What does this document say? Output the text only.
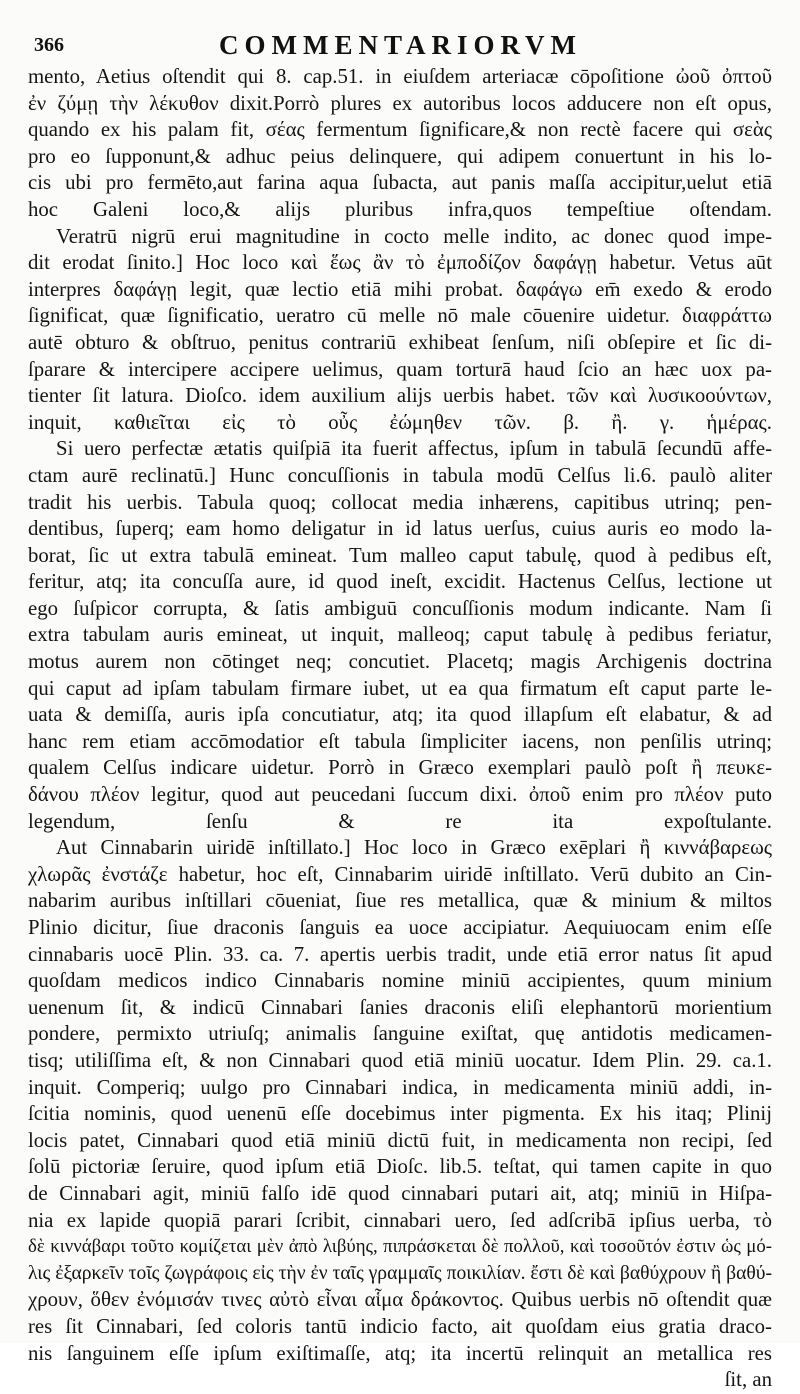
366	COMMENTARIORVM
mento, Aetius oſtendit qui 8. cap.51. in eiuſdem arteriacæ cōpoſitione ὠοῦ ὀπτοῦ
ἐν ζύμῃ τὴν λέκυθον dixit.Porrò plures ex autoribus locos adducere non eſt opus,
quando ex his palam fit, σέας fermentum ſignificare,& non rectè facere qui σεὰς
pro eo ſupponunt,& adhuc peius delinquere, qui adipem conuertunt in his lo-
cis ubi pro fermēto,aut farina aqua ſubacta, aut panis maſſa accipitur,uelut etiā
hoc Galeni loco,& alijs pluribus infra,quos tempeſtiue oſtendam.
Veratrū nigrū erui magnitudine in cocto melle indito, ac donec quod impe-
dit erodat ſinito.] Hoc loco καὶ ἕως ἂν τὸ ἐμποδίζον δαφάγῃ habetur. Vetus aūt
interpres δαφάγῃ legit, quæ lectio etiā mihi probat. δαφάγω em̄ exedo & erodo
ſignificat, quæ ſignificatio, ueratro cū melle nō male cōuenire uidetur. διαφράττω
autē obturo & obſtruo, penitus contrariū exhibeat ſenſum, niſi obſepire et ſic di-
ſparare & intercipere accipere uelimus, quam torturā haud ſcio an hæc uox pa-
tienter ſit latura. Dioſco. idem auxilium alijs uerbis habet. τῶν καὶ λυσικοούντων,
inquit, καθιεῖται εἰς τὸ οὖς ἐώμηθεν τῶν. β. ἢ. γ. ἡμέρας.
Si uero perfectæ ætatis quiſpiā ita fuerit affectus, ipſum in tabulā ſecundū affe-
ctam aurē reclinatū.] Hunc concuſſionis in tabula modū Celſus li.6. paulò aliter
tradit his uerbis. Tabula quoq; collocat media inhærens, capitibus utrinq; pen-
dentibus, ſuperq; eam homo deligatur in id latus uerſus, cuius auris eo modo la-
borat, ſic ut extra tabulā emineat. Tum malleo caput tabulę, quod à pedibus eſt,
feritur, atq; ita concuſſa aure, id quod ineſt, excidit. Hactenus Celſus, lectione ut
ego ſuſpicor corrupta, & ſatis ambiguū concuſſionis modum indicante. Nam ſi
extra tabulam auris emineat, ut inquit, malleoq; caput tabulę à pedibus feriatur,
motus aurem non cōtinget neq; concutiet. Placetq; magis Archigenis doctrina
qui caput ad ipſam tabulam firmare iubet, ut ea qua firmatum eſt caput parte le-
uata & demiſſa, auris ipſa concutiatur, atq; ita quod illapſum eſt elabatur, & ad
hanc rem etiam accōmodatior eſt tabula ſimpliciter iacens, non penſilis utrinq;
qualem Celſus indicare uidetur. Porrò in Græco exemplari paulò poſt ἢ πευκε-
δάνου πλέον legitur, quod aut peucedani ſuccum dixi. ὀποῦ enim pro πλέον puto
legendum, ſenſu & re ita expoſtulante.
Aut Cinnabarin uiridē inſtillato.] Hoc loco in Græco exēplari ἢ κιννάβαρεως
χλωρᾶς ἐνστάζε habetur, hoc eſt, Cinnabarim uiridē inſtillato. Verū dubito an Cin-
nabarim auribus inſtillari cōueniat, ſiue res metallica, quæ & minium & miltos
Plinio dicitur, ſiue draconis ſanguis ea uoce accipiatur. Aequiuocam enim eſſe
cinnabaris uocē Plin. 33. ca. 7. apertis uerbis tradit, unde etiā error natus ſit apud
quoſdam medicos indico Cinnabaris nomine miniū accipientes, quum minium
uenenum ſit, & indicū Cinnabari ſanies draconis eliſi elephantorū morientium
pondere, permixto utriuſq; animalis ſanguine exiſtat, quę antidotis medicamen-
tisq; utiliſſima eſt, & non Cinnabari quod etiā miniū uocatur. Idem Plin. 29. ca.1.
inquit. Comperiq; uulgo pro Cinnabari indica, in medicamenta miniū addi, in-
ſcitia nominis, quod uenenū eſſe docebimus inter pigmenta. Ex his itaq; Plinij
locis patet, Cinnabari quod etiā miniū dictū fuit, in medicamenta non recipi, ſed
ſolū pictoriæ ſeruire, quod ipſum etiā Dioſc. lib.5. teſtat, qui tamen capite in quo
de Cinnabari agit, miniū falſo idē quod cinnabari putari ait, atq; miniū in Hiſpa-
nia ex lapide quopiā parari ſcribit, cinnabari uero, ſed adſcribā ipſius uerba, τὸ
δὲ κιννάβαρι τοῦτο κομίζεται μὲν ἀπὸ λιβύης, πιπράσκεται δὲ πολλοῦ, καὶ τοσοῦτόν ἐστιν ὡς μό-
λις ἐξαρκεῖν τοῖς ζωγράφοις εἰς τὴν ἐν ταῖς γραμμαῖς ποικιλίαν. ἔστι δὲ καὶ βαθύχρουν ἢ βαθύ-
χρουν, ὅθεν ἐνόμισάν τινες αὐτὸ εἶναι αἷμα δράκοντος. Quibus uerbis nō oſtendit quæ
res ſit Cinnabari, ſed coloris tantū indicio facto, ait quoſdam eius gratia draco-
nis ſanguinem eſſe ipſum exiſtimaſſe, atq; ita incertū relinquit an metallica res
ſit, an
